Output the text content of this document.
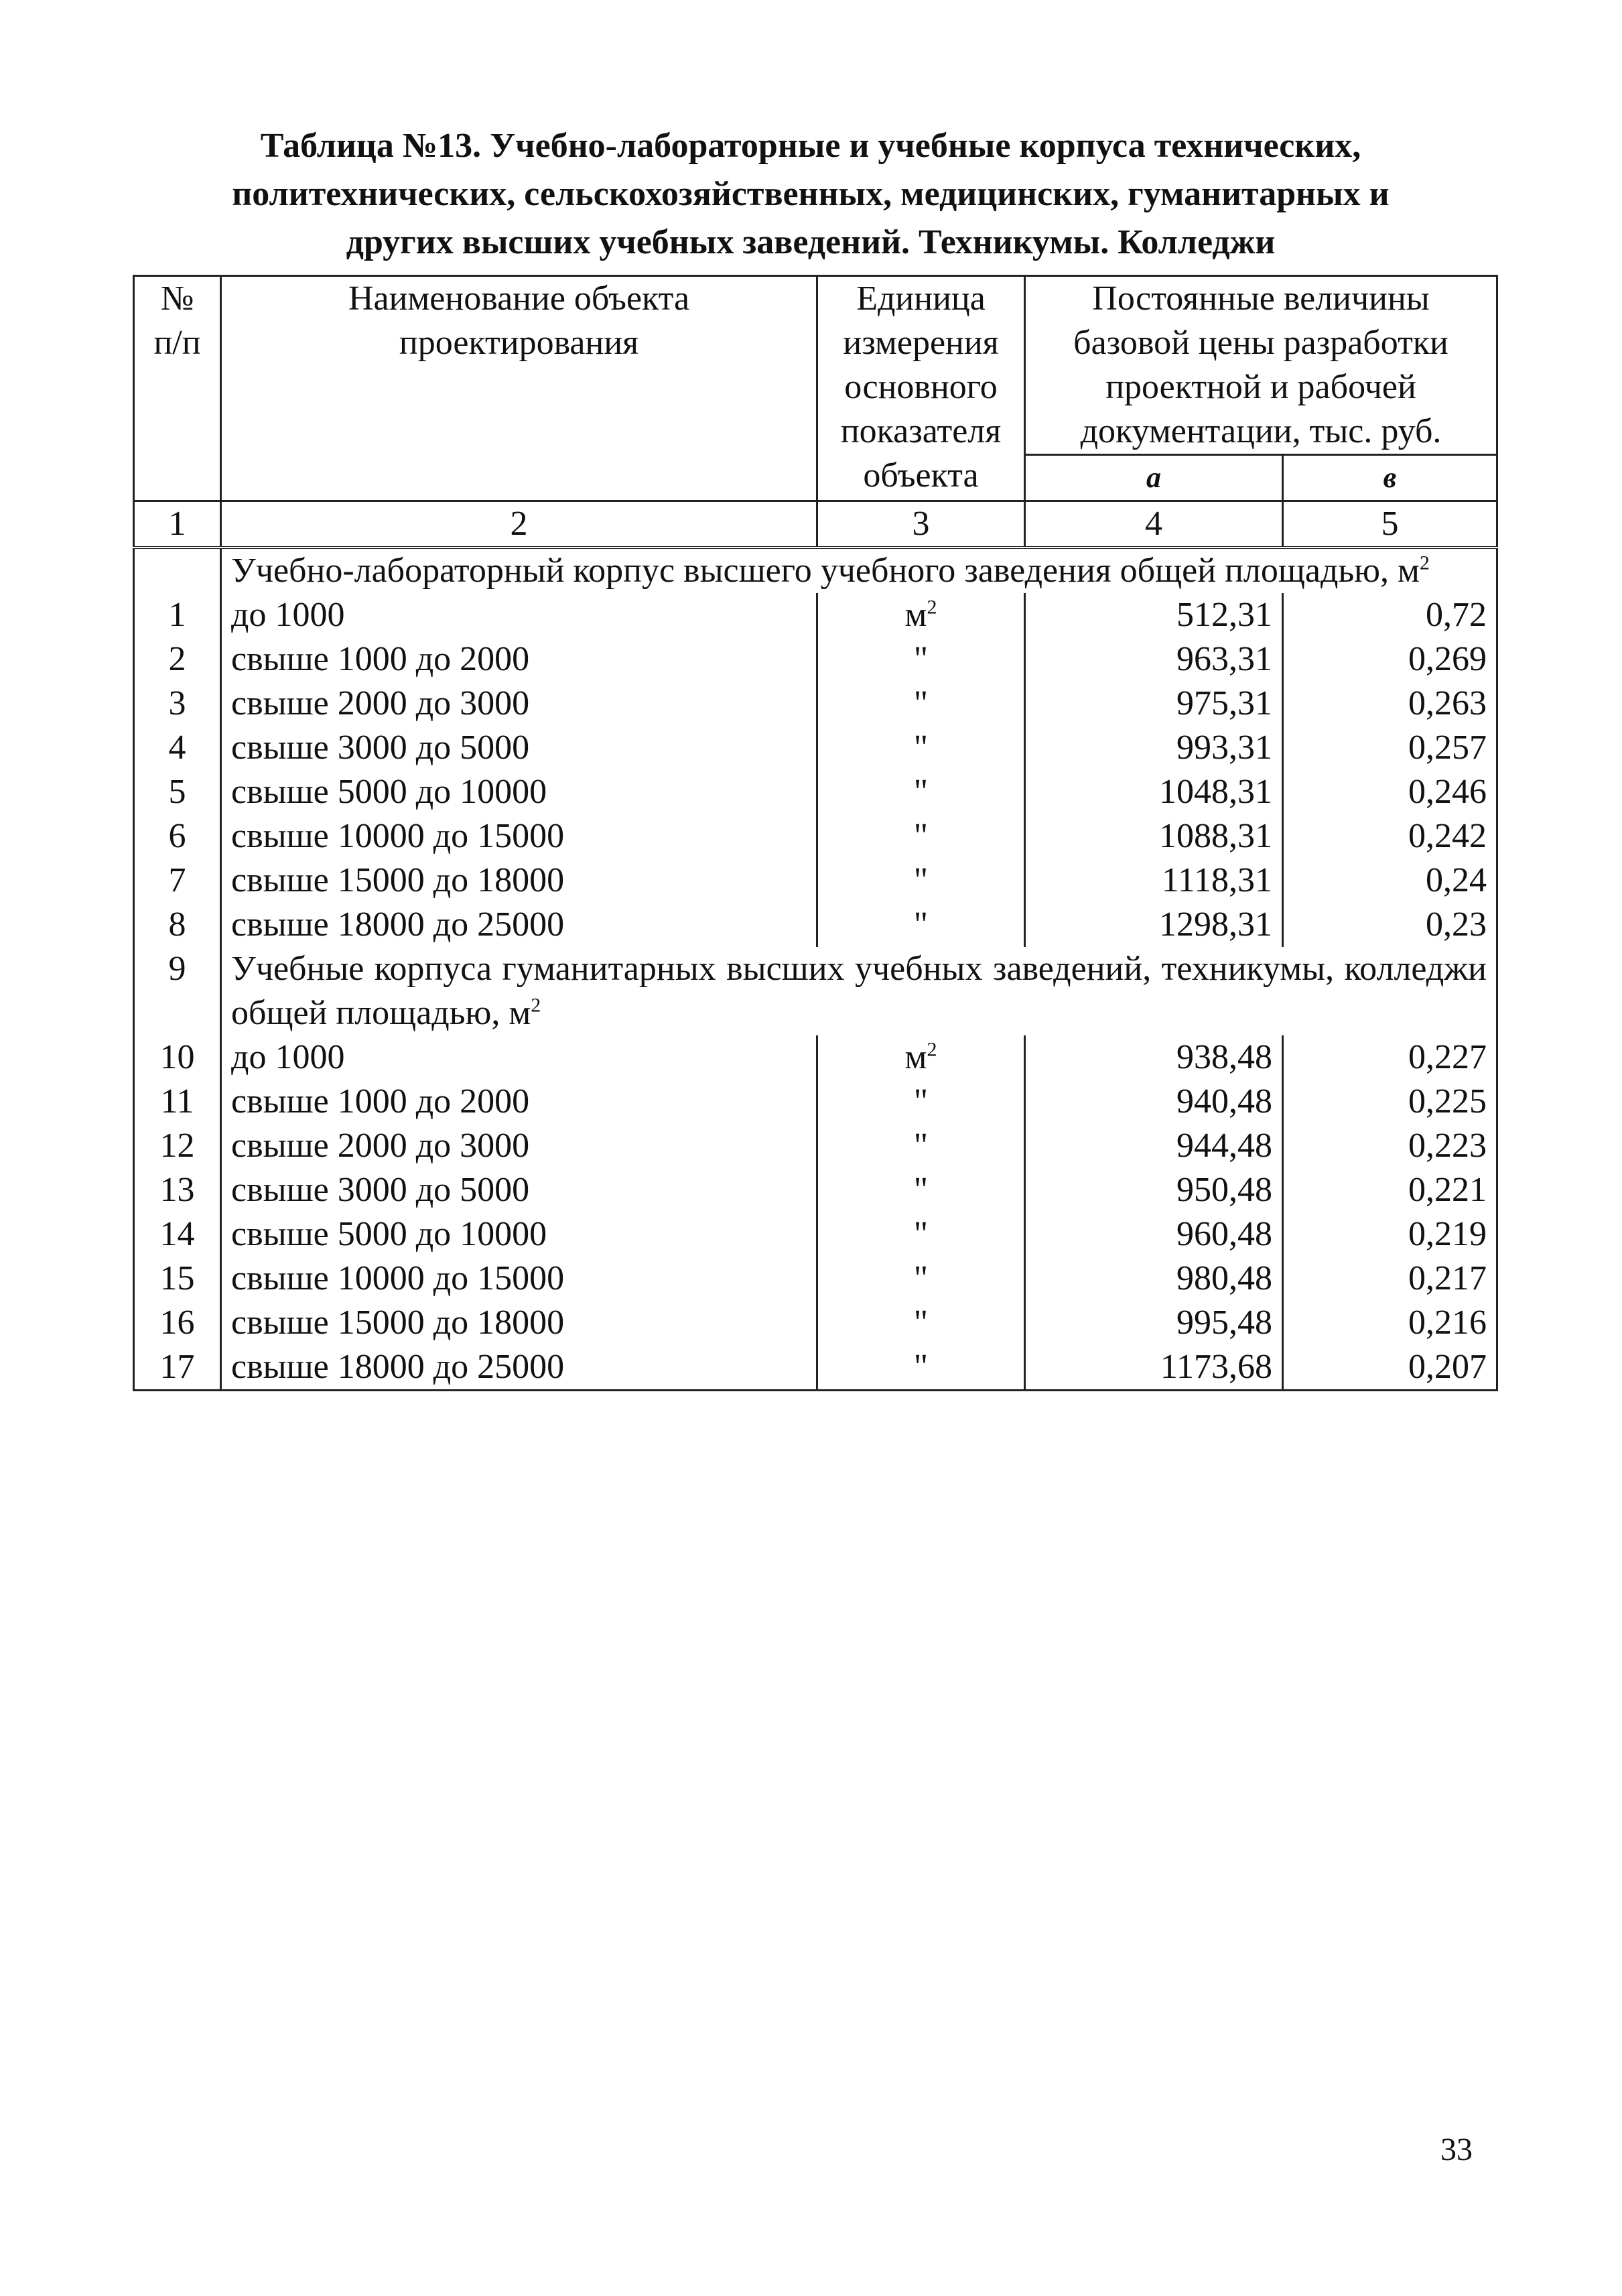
Таблица №13. Учебно-лабораторные и учебные корпуса технических,
политехнических, сельскохозяйственных, медицинских, гуманитарных и
других высших учебных заведений. Техникумы. Колледжи
№ п/п	Наименование объекта проектирования	Единица измерения основного показателя объекта	Постоянные величины базовой цены разработки проектной и рабочей документации, тыс. руб.	
			а	в
1	2	3	4	5
	Учебно-лабораторный корпус высшего учебного заведения общей площадью, $м^2$
1	до 1000	$м^2$	512,31	0,72
2	свыше 1000 до 2000	"	963,31	0,269
3	свыше 2000 до 3000	"	975,31	0,263
4	свыше 3000 до 5000	"	993,31	0,257
5	свыше 5000 до 10000	"	1048,31	0,246
6	свыше 10000 до 15000	"	1088,31	0,242
7	свыше 15000 до 18000	"	1118,31	0,24
8	свыше 18000 до 25000	"	1298,31	0,23
9	Учебные корпуса гуманитарных высших учебных заведений, техникумы, колледжи общей площадью, $м^2$
10	до 1000	$м^2$	938,48	0,227
11	свыше 1000 до 2000	"	940,48	0,225
12	свыше 2000 до 3000	"	944,48	0,223
13	свыше 3000 до 5000	"	950,48	0,221
14	свыше 5000 до 10000	"	960,48	0,219
15	свыше 10000 до 15000	"	980,48	0,217
16	свыше 15000 до 18000	"	995,48	0,216
17	свыше 18000 до 25000	"	1173,68	0,207
33
